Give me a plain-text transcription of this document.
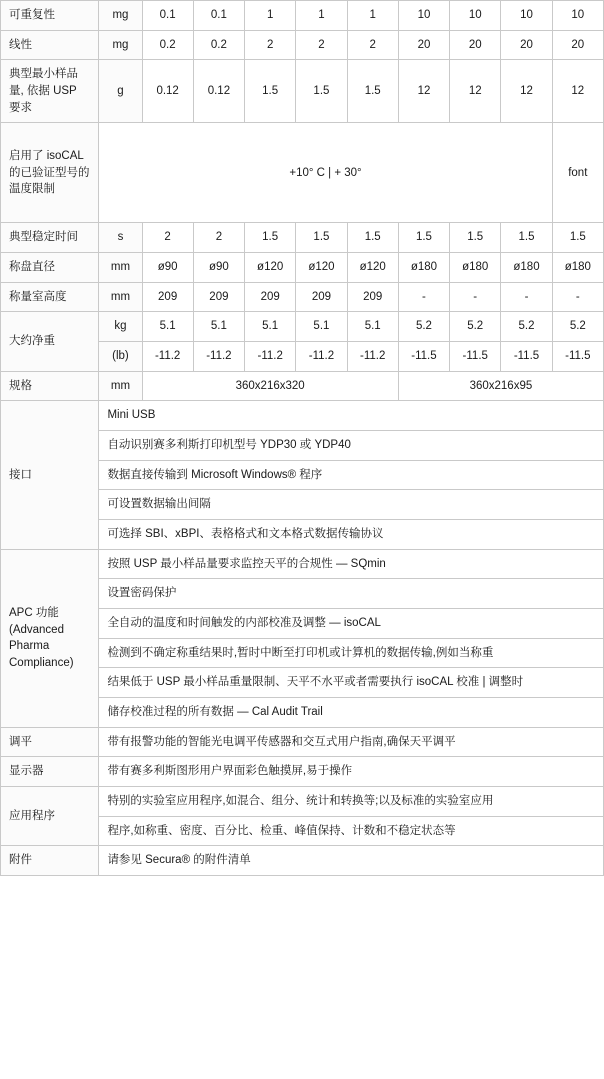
可重复性	mg	0.1	0.1	1	1	1	10	10	10	10
线性	mg	0.2	0.2	2	2	2	20	20	20	20
典型最小样品量, 依据 USP 要求	g	0.12	0.12	1.5	1.5	1.5	12	12	12	12
启用了 isoCAL 的已验证型号的温度限制	+10° C | + 30°									font
典型稳定时间	s	2	2	1.5	1.5	1.5	1.5	1.5	1.5	1.5
称盘直径	mm	ø90	ø90	ø120	ø120	ø120	ø180	ø180	ø180	ø180
称量室高度	mm	209	209	209	209	209	-	-	-	-
大约净重	kg	5.1	5.1	5.1	5.1	5.1	5.2	5.2	5.2	5.2
	(lb)	-11.2	-11.2	-11.2	-11.2	-11.2	-11.5	-11.5	-11.5	-11.5
规格	mm	360x216x320					360x216x95			
接口	Mini USB									
	自动识别赛多利斯打印机型号 YDP30 或 YDP40									
	数据直接传输到 Microsoft Windows® 程序									
	可设置数据输出间隔									
	可选择 SBI、xBPI、表格格式和文本格式数据传输协议									
APC 功能 (Advanced Pharma Compliance)	按照 USP 最小样品量要求监控天平的合规性 — SQmin									
	设置密码保护									
	全自动的温度和时间触发的内部校准及调整 — isoCAL									
	检测到不确定称重结果时,暂时中断至打印机或计算机的数据传输,例如当称重									
	结果低于 USP 最小样品重量限制、天平不水平或者需要执行 isoCAL 校准 | 调整时									
	储存校准过程的所有数据 — Cal Audit Trail									
调平	带有报警功能的智能光电调平传感器和交互式用户指南,确保天平调平									
显示器	带有赛多利斯图形用户界面彩色触摸屏,易于操作									
应用程序	特别的实验室应用程序,如混合、组分、统计和转换等;以及标准的实验室应用									
	程序,如称重、密度、百分比、检重、峰值保持、计数和不稳定状态等									
附件	请参见 Secura® 的附件清单									
